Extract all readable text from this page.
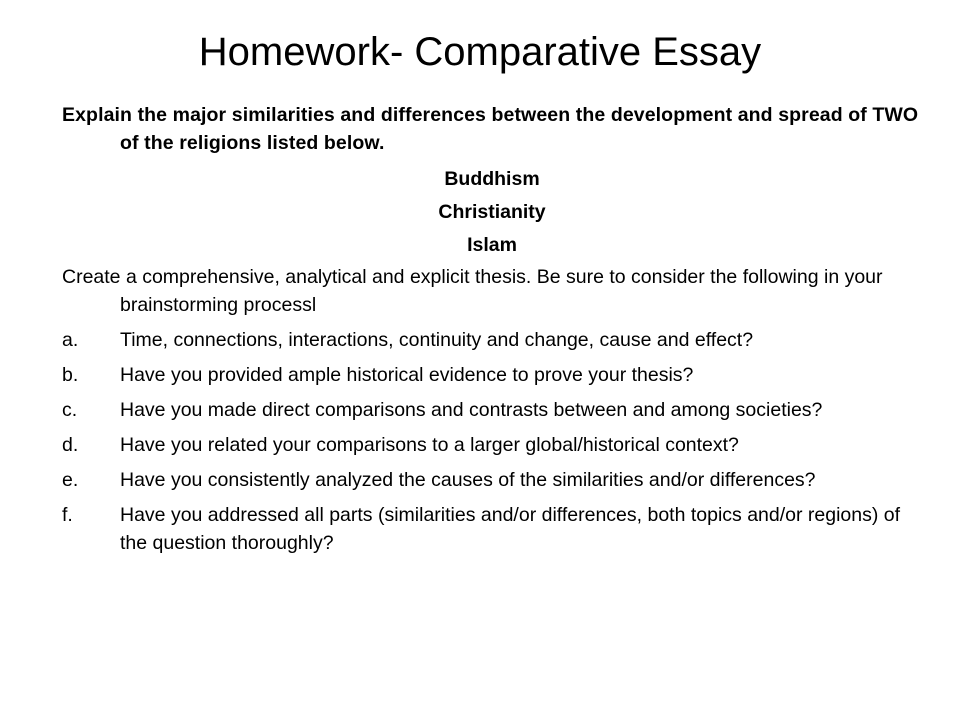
Homework- Comparative Essay

Explain the major similarities and differences between the development and spread of TWO of the religions listed below.

Buddhism
Christianity
Islam

Create a comprehensive, analytical and explicit thesis. Be sure to consider the following in your brainstorming processl

a.	Time, connections, interactions, continuity and change, cause and effect?
b.	Have you provided ample historical evidence to prove your thesis?
c.	Have you made direct comparisons and contrasts between and among societies?
d.	Have you related your comparisons to a larger global/historical context?
e.	Have you consistently analyzed the causes of the similarities and/or differences?
f.	Have you addressed all parts (similarities and/or differences, both topics and/or regions) of the question thoroughly?
